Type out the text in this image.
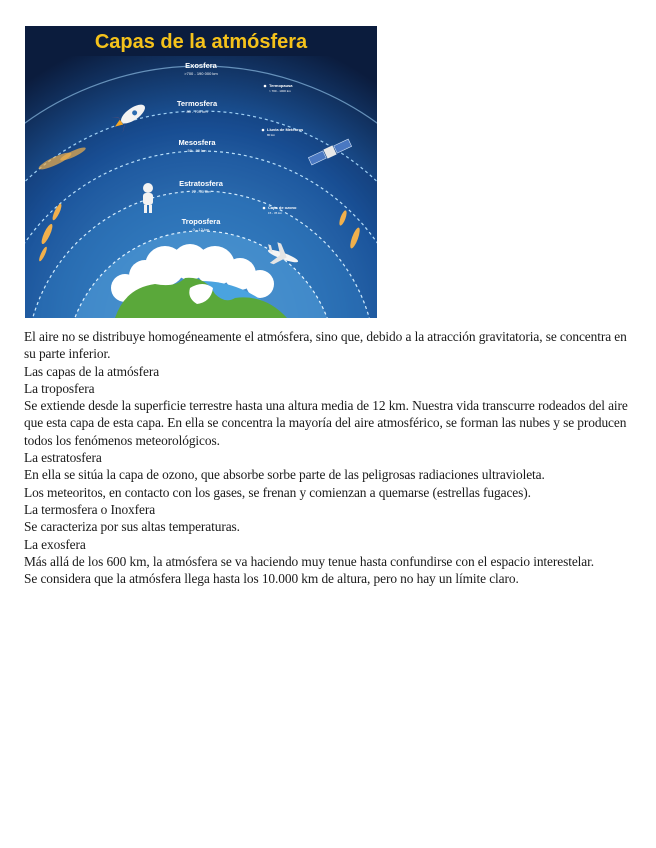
Capas de la atmósfera
Exosfera
>700 - 190 000 km
Termosfera
80 - 700 km
Mesosfera
50 - 80 km
Estratosfera
12 - 50 km
Troposfera
0 - 12 km
Termopausa
> 700 - 1000 km
Lluvia de Meteoros
80 km
Capa de ozono
15 - 35 km

El aire no se distribuye homogéneamente el atmósfera, sino que, debido a la atracción gravitatoria, se concentra en su parte inferior.

Las capas de la atmósfera

La troposfera

Se extiende desde la superficie terrestre hasta una altura media de 12 km. Nuestra vida transcurre rodeados del aire que esta capa de esta capa. En ella se concentra la mayoría del aire atmosférico, se forman las nubes y se producen todos los fenómenos meteorológicos.

La estratosfera

En ella se sitúa la capa de ozono, que absorbe sorbe parte de las peligrosas radiaciones ultravioleta.

Los meteoritos, en contacto con los gases, se frenan y comienzan a quemarse (estrellas fugaces).

La termosfera o Inoxfera

Se caracteriza por sus altas temperaturas.

La exosfera

Más allá de los 600 km, la atmósfera se va haciendo muy tenue hasta confundirse con el espacio interestelar.

Se considera que la atmósfera llega hasta los 10.000 km de altura, pero no hay un límite claro.
